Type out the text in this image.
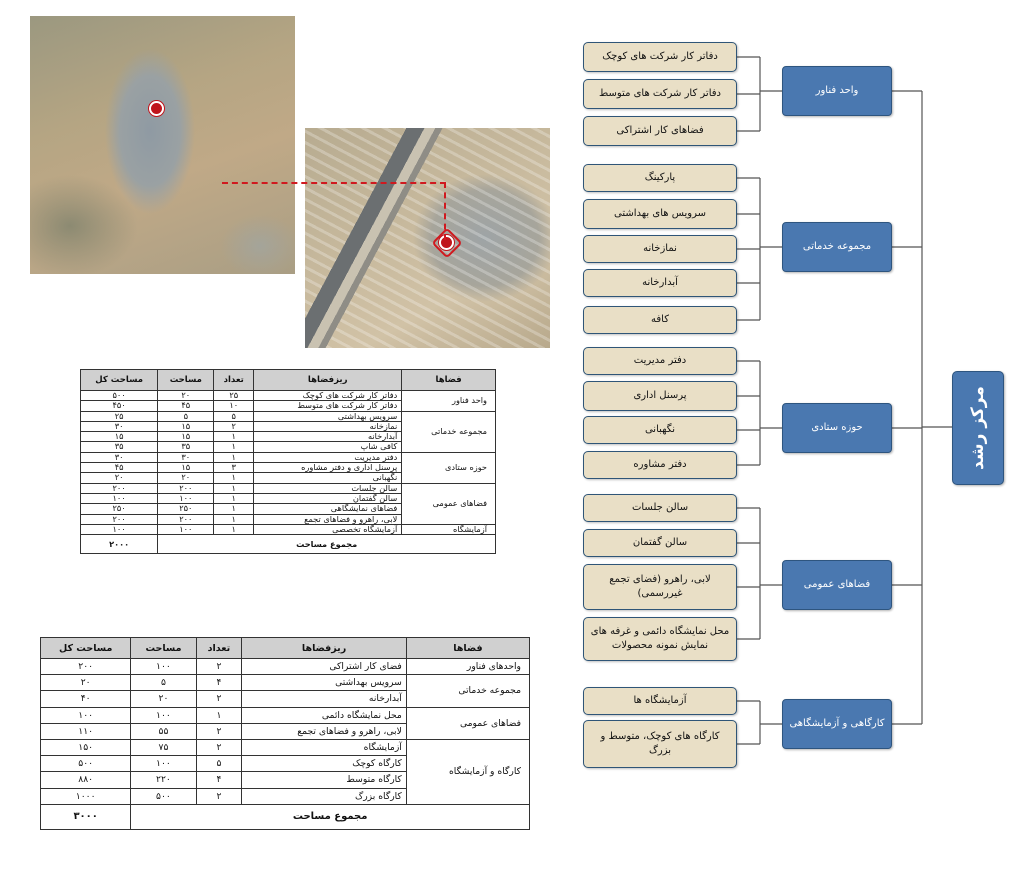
فضاها	ریزفضاها	تعداد	مساحت	مساحت کل
واحد فناور	دفاتر کار شرکت های کوچک	۲۵	۲۰	۵۰۰
	دفاتر کار شرکت های متوسط	۱۰	۴۵	۴۵۰
مجموعه خدماتی	سرویس بهداشتی	۵	۵	۲۵
	نمازخانه	۲	۱۵	۳۰
	آبدارخانه	۱	۱۵	۱۵
	کافی شاپ	۱	۳۵	۳۵
حوزه ستادی	دفتر مدیریت	۱	۳۰	۳۰
	پرسنل اداری و دفتر مشاوره	۳	۱۵	۴۵
	نگهبانی	۱	۲۰	۲۰
فضاهای عمومی	سالن جلسات	۱	۲۰۰	۲۰۰
	سالن گفتمان	۱	۱۰۰	۱۰۰
	فضاهای نمایشگاهی	۱	۲۵۰	۲۵۰
	لابی، راهرو و فضاهای تجمع	۱	۲۰۰	۲۰۰
آزمایشگاه	آزمایشگاه تخصصی	۱	۱۰۰	۱۰۰
مجموع مساحت				۲۰۰۰
فضاها	ریزفضاها	تعداد	مساحت	مساحت کل
واحدهای فناور	فضای کار اشتراکی	۲	۱۰۰	۲۰۰
مجموعه خدماتی	سرویس بهداشتی	۴	۵	۲۰
	آبدارخانه	۲	۲۰	۴۰
فضاهای عمومی	محل نمایشگاه دائمی	۱	۱۰۰	۱۰۰
	لابی، راهرو و فضاهای تجمع	۲	۵۵	۱۱۰
کارگاه و آزمایشگاه	آزمایشگاه	۲	۷۵	۱۵۰
	کارگاه کوچک	۵	۱۰۰	۵۰۰
	کارگاه متوسط	۴	۲۲۰	۸۸۰
	کارگاه بزرگ	۲	۵۰۰	۱۰۰۰
مجموع مساحت				۳۰۰۰
واحد فناور
دفاتر کار شرکت های کوچک
دفاتر کار شرکت های متوسط
فضاهای کار اشتراکی
مجموعه خدماتی
پارکینگ
سرویس های بهداشتی
نمازخانه
آبدارخانه
کافه
حوزه ستادی
دفتر مدیریت
پرسنل اداری
نگهبانی
دفتر مشاوره
فضاهای عمومی
سالن جلسات
سالن گفتمان
لابی، راهرو (فضای تجمع غیررسمی)
محل نمایشگاه دائمی و غرفه های نمایش نمونه محصولات
کارگاهی و آزمایشگاهی
آزمایشگاه ها
کارگاه های کوچک، متوسط و بزرگ
مرکز رشد
